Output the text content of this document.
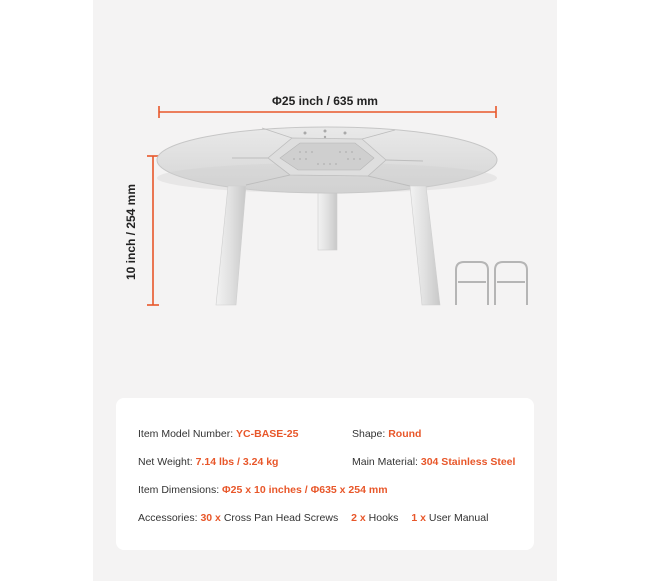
Φ25 inch / 635 mm
10 inch / 254 mm
Item Model Number: YC-BASE-25	Shape: Round
Net Weight: 7.14 lbs / 3.24 kg	Main Material: 304 Stainless Steel
Item Dimensions: Φ25 x 10 inches / Φ635 x 254 mm
Accessories: 30 x Cross Pan Head Screws 2 x Hooks 1 x User Manual
